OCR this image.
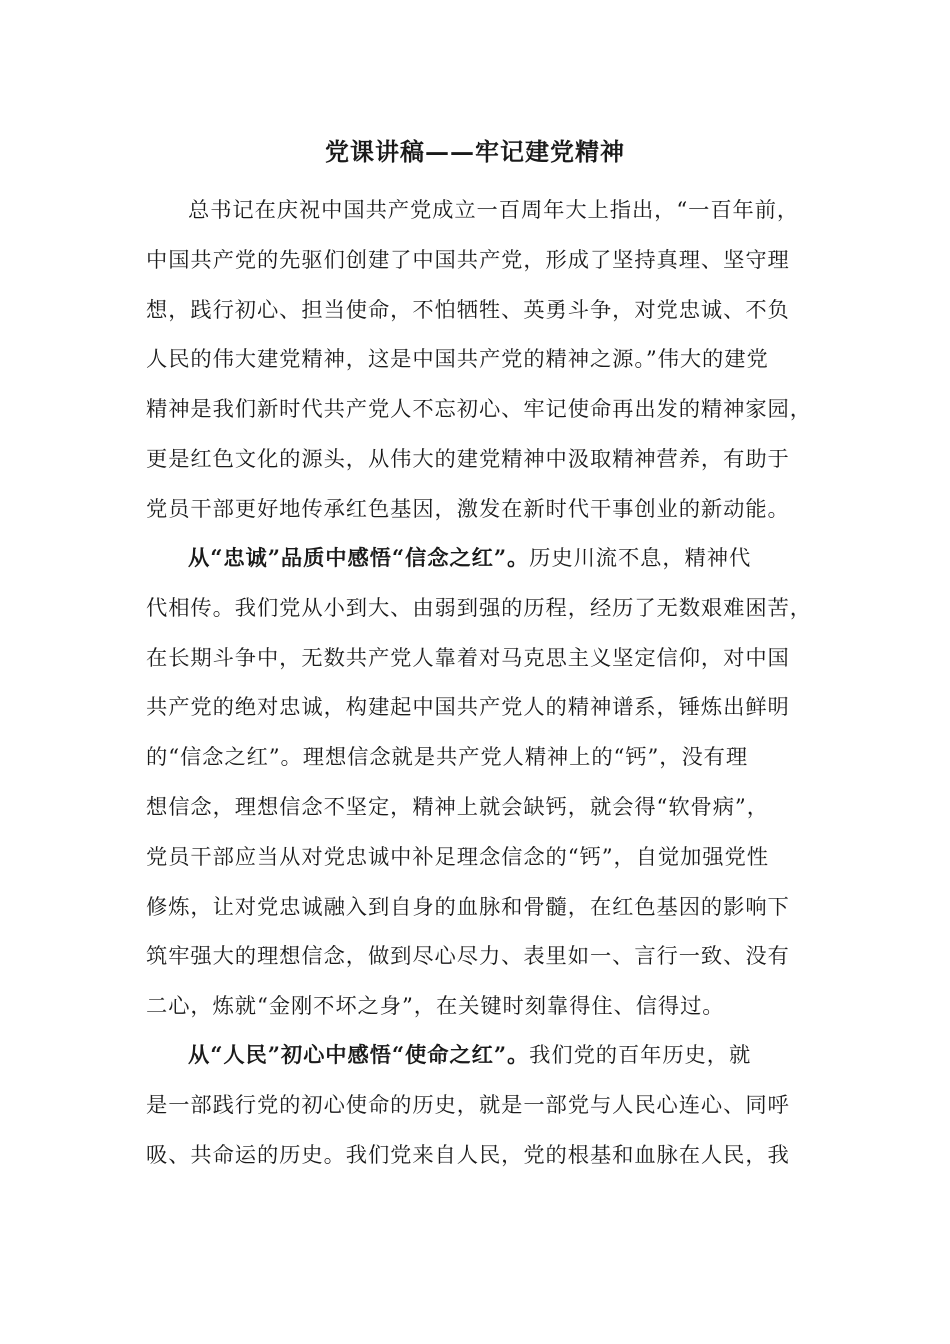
党课讲稿——牢记建党精神
总书记在庆祝中国共产党成立一百周年大上指出，“一百年前，
中国共产党的先驱们创建了中国共产党，形成了坚持真理、坚守理
想，践行初心、担当使命，不怕牺牲、英勇斗争，对党忠诚、不负
人民的伟大建党精神，这是中国共产党的精神之源。”伟大的建党
精神是我们新时代共产党人不忘初心、牢记使命再出发的精神家园，
更是红色文化的源头，从伟大的建党精神中汲取精神营养，有助于
党员干部更好地传承红色基因，激发在新时代干事创业的新动能。
从“忠诚”品质中感悟“信念之红”。历史川流不息，精神代
代相传。我们党从小到大、由弱到强的历程，经历了无数艰难困苦，
在长期斗争中，无数共产党人靠着对马克思主义坚定信仰，对中国
共产党的绝对忠诚，构建起中国共产党人的精神谱系，锤炼出鲜明
的“信念之红”。理想信念就是共产党人精神上的“钙”，没有理
想信念，理想信念不坚定，精神上就会缺钙，就会得“软骨病”，
党员干部应当从对党忠诚中补足理念信念的“钙”，自觉加强党性
修炼，让对党忠诚融入到自身的血脉和骨髓，在红色基因的影响下
筑牢强大的理想信念，做到尽心尽力、表里如一、言行一致、没有
二心，炼就“金刚不坏之身”，在关键时刻靠得住、信得过。
从“人民”初心中感悟“使命之红”。我们党的百年历史，就
是一部践行党的初心使命的历史，就是一部党与人民心连心、同呼
吸、共命运的历史。我们党来自人民，党的根基和血脉在人民，我
